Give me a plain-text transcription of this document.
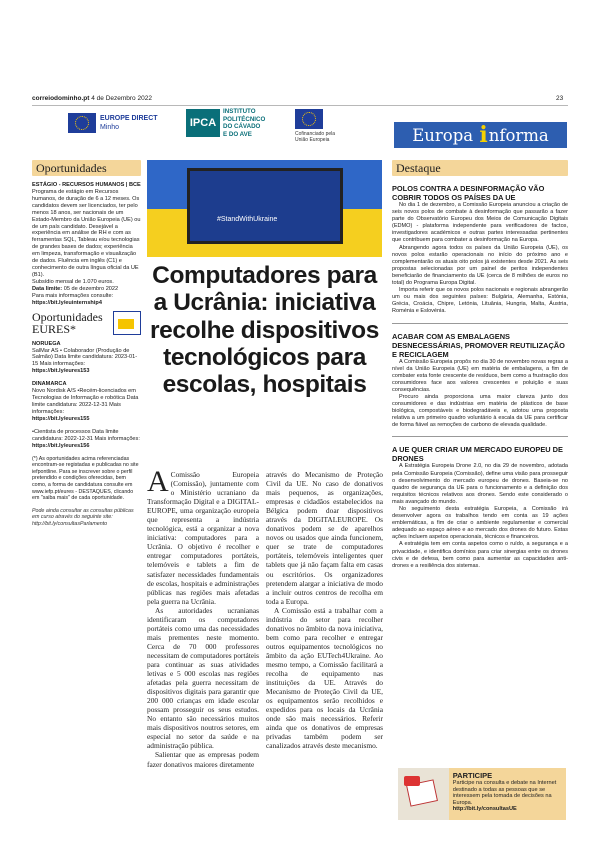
correiodominho.pt 4 de Dezembro 2022	23
EUROPE DIRECT
Minho	IPCA
INSTITUTO
POLITÉCNICO
DO CÁVADO
E DO AVE	Cofinanciado pela
União Europeia	Europa
i nforma
Oportunidades
ESTÁGIO - RECURSOS HUMANOS | BCE
Programa de estágio em Recursos humanos, de duração de 6 a 12 meses. Os candidatos devem ser licenciados, ter pelo menos 18 anos, ser nacionais de um Estado-Membro da União Europeia (UE) ou de um país candidato. Desejável a experiência em análise de RH e com as ferramentas SQL, Tableau e/ou tecnologias de grandes bases de dados; experiência em limpeza, transformação e visualização de dados. Fluência em inglês (C1) e conhecimento de outra língua oficial da UE (B1).
Subsídio mensal de 1.070 euros.
Data limite: 05 de dezembro 2022
Para mais informações consulte:
https://bit.ly/euinternship4
Oportunidades
EURES*
NORUEGA
SalMar AS • Colaborador (Produção de Salmão) Data limite candidatura: 2023-01-15 Mais informações:
https://bit.ly/eures153
DINAMARCA
Novo Nordisk A/S •Recém-licenciados em Tecnologias de Informação e robótica Data limite candidatura: 2022-12-31 Mais informações:
https://bit.ly/eures155
•Cientista de processos Data limite candidatura: 2022-12-31 Mais informações:
https://bit.ly/eures156
(*) As oportunidades acima referenciadas encontram-se registadas e publicadas no site iefpontline. Para se inscrever sobre o perfil pretendido e condições oferecidas, bem como, a forma de candidatura consulte em www.iefp.pt/eures - DESTAQUES, clicando em "saiba mais" de cada oportunidade.
Pode ainda consultar as consultas públicas em curso através do seguinte site: http://bit.ly/consultasParlamento
#StandWithUkraine
Computadores para a Ucrânia: iniciativa recolhe dispositivos tecnológicos para escolas, hospitais
A Comissão Europeia (Comissão), juntamente com o Ministério ucraniano da Transformação Digital e a DIGITAL-EUROPE, uma organização europeia que representa a indústria tecnológica, está a organizar a nova iniciativa: computadores para a Ucrânia. O objetivo é recolher e entregar computadores portáteis, telemóveis e tablets a fim de satisfazer necessidades fundamentais de escolas, hospitais e administrações públicas nas regiões mais afetadas pela guerra na Ucrânia.

As autoridades ucranianas identificaram os computadores portáteis como uma das necessidades mais prementes neste momento. Cerca de 70 000 professores necessitam de computadores portáteis para continuar as suas atividades letivas e 5 000 escolas nas regiões afetadas pela guerra necessitam de dispositivos digitais para garantir que 200 000 crianças em idade escolar possam prosseguir os seus estudos. No entanto são necessários muitos mais dispositivos noutros setores, em especial no setor da saúde e na administração pública.

Salientar que as empresas podem fazer donativos maiores diretamente

através do Mecanismo de Proteção Civil da UE. No caso de donativos mais pequenos, as organizações, empresas e cidadãos estabelecidos na Bélgica podem doar dispositivos através da DIGITALEUROPE. Os donativos podem se de aparelhos novos ou usados que ainda funcionem, quer se trate de computadores portáteis, telemóveis inteligentes quer tablets que já não façam falta em casas ou escritórios. Os organizadores pretendem alargar a iniciativa de modo a incluir outros centros de recolha em toda a Europa.

A Comissão está a trabalhar com a indústria do setor para recolher donativos no âmbito da nova iniciativa, bem como para recolher e entregar outros equipamentos tecnológicos no âmbito da ação EUTech4Ukraine. Ao mesmo tempo, a Comissão facilitará a recolha de equipamento nas instituições da UE. Através do Mecanismo de Proteção Civil da UE, os equipamentos serão recolhidos e expedidos para os locais da Ucrânia onde são mais necessários. Referir ainda que os donativos de empresas privadas também podem ser canalizados através deste mecanismo.

Destaque
POLOS CONTRA A DESINFORMAÇÃO VÃO COBRIR TODOS OS PAÍSES DA UE

No dia 1 de dezembro, a Comissão Europeia anunciou a criação de seis novos polos de combate à desinformação que passarão a fazer parte do Observatório Europeu dos Meios de Comunicação Digitais (EDMO) - plataforma independente para verificadores de factos, investigadores académicos e outras partes interessadas pertinentes que contribuem para combater a desinformação na Europa.

Abrangendo agora todos os países da União Europeia (UE), os novos polos estarão operacionais no início do próximo ano e complementarão os atuais oito polos já existentes desde 2021. As seis propostas selecionadas por um painel de peritos independentes beneficiarão de financiamento da UE (cerca de 8 milhões de euros no total) do Programa Europa Digital.

Importa referir que os novos polos nacionais e regionais abrangerão um ou mais dos seguintes países: Bulgária, Alemanha, Estónia, Grécia, Croácia, Chipre, Letónia, Lituânia, Hungria, Malta, Áustria, Roménia e Eslovénia.

ACABAR COM AS EMBALAGENS DESNECESSÁRIAS, PROMOVER REUTILIZAÇÃO E RECICLAGEM

A Comissão Europeia propôs no dia 30 de novembro novas regras a nível da União Europeia (UE) em matéria de embalagens, a fim de combater esta fonte crescente de resíduos, bem como a frustração dos consumidores face aos valores crescentes e poluição e suas consequências.

Procuro ainda proporciona uma maior clareza junto dos consumidores e das indústrias em matéria de plásticos de base biológica, compostáveis e biodegradáveis e, adotou uma proposta relativa a um primeiro quadro voluntário à escala da UE para certificar de forma fiável as remoções de carbono de elevada qualidade.

A UE QUER CRIAR UM MERCADO EUROPEU DE DRONES

A Estratégia Europeia Drone 2.0, no dia 29 de novembro, adotada pela Comissão Europeia (Comissão), define uma visão para prosseguir o desenvolvimento do mercado europeu de drones. Baseia-se no quadro de segurança da UE para o funcionamento e a definição dos requisitos técnicos relativos aos drones. Sendo este considerado o mais avançado do mundo.

No seguimento desta estratégia Europeia, a Comissão irá desenvolver agora os trabalhos tendo em conta as 19 ações emblemáticas, a fim de criar o ambiente regulamentar e comercial adequado ao espaço aéreo e ao mercado dos drones do futuro. Estas ações incluem aspetos operacionais, técnicos e financeiros.

A estratégia tem em conta aspetos como o ruído, a segurança e a privacidade, e identifica domínios para criar sinergias entre os drones civis e de defesa, bem como para aumentar as capacidades anti-drones e a resiliência dos sistemas.

PARTICIPE
Participe na consulta e debate na Internet destinado a todas as pessoas que se interessem pela tomada de decisões na Europa.
http://bit.ly/consultasUE
